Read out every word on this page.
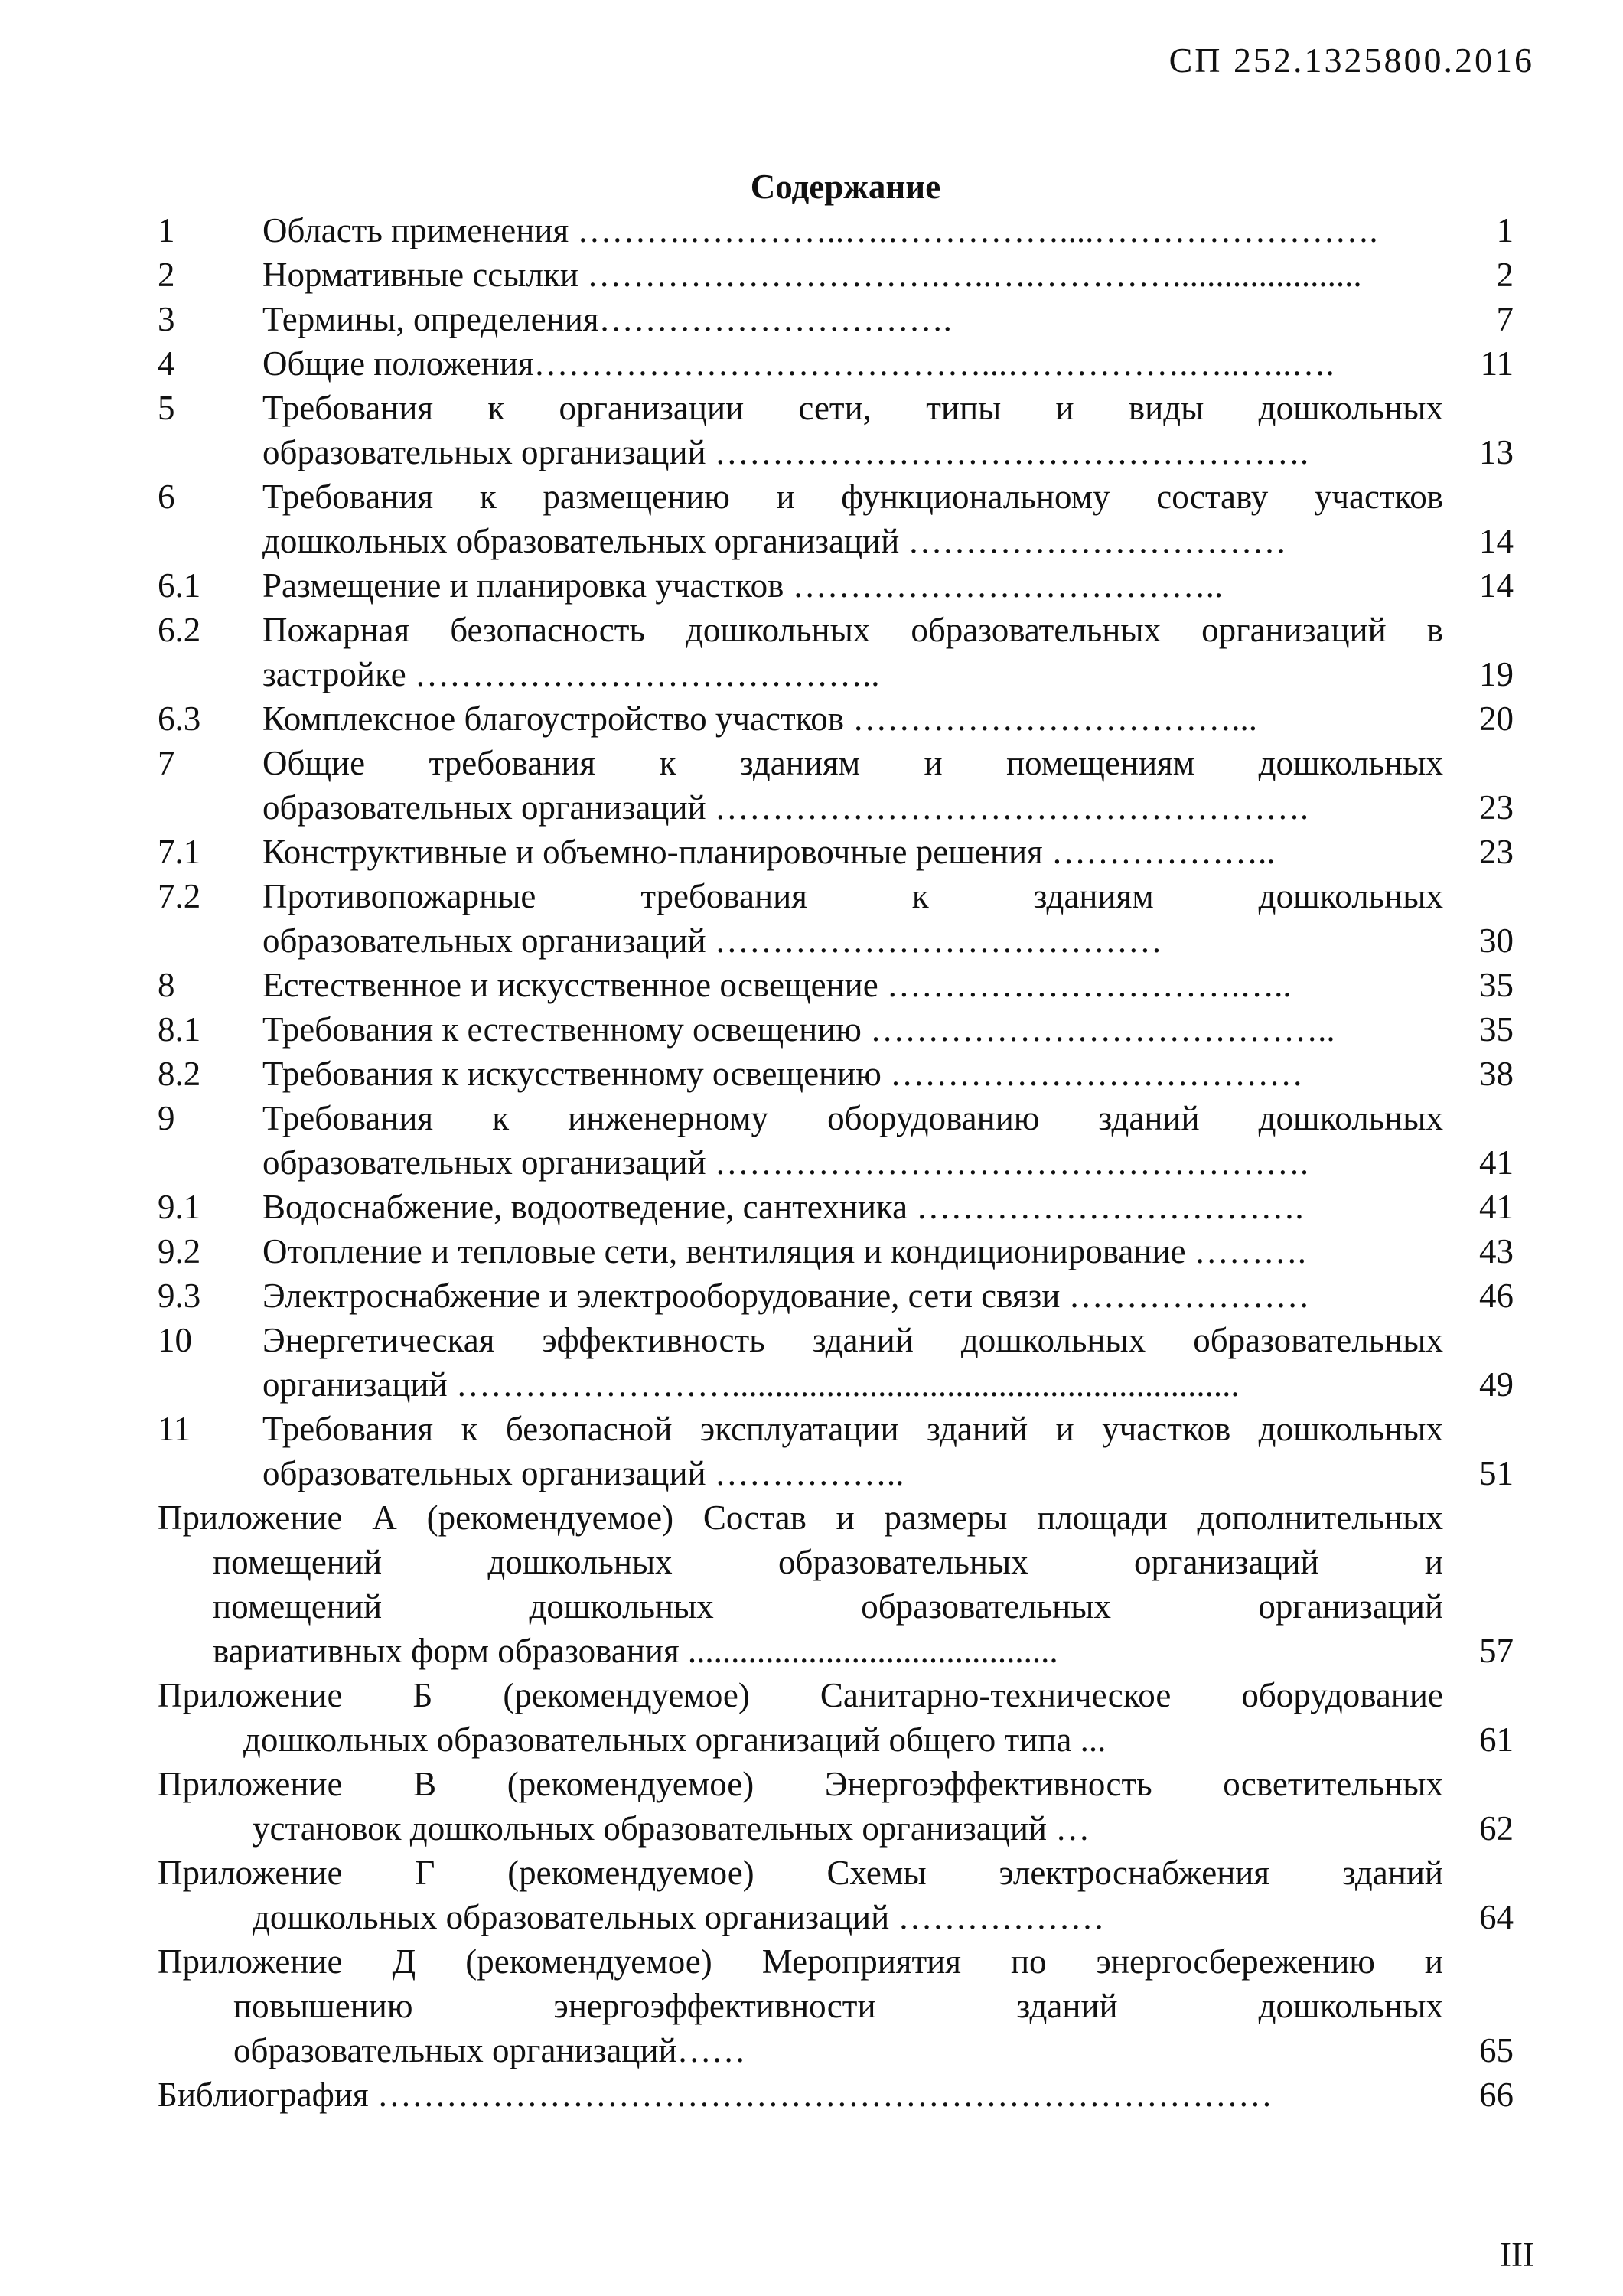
СП 252.1325800.2016
Содержание
1	Область применения ……….…………..….……………....…………………….	1
2	Нормативные ссылки ………………………….…..….…………......................	2
3	Термины, определения………………………….	7
4	Общие положения…………………………………...…………….…..…..….	11
5	Требования к организации сети, типы и виды дошкольных
образовательных организаций …………………………………………….	13
6	Требования к размещению и функциональному составу участков
дошкольных образовательных организаций ……………………………	14
6.1 Размещение и планировка участков ………………………………..	14
6.2 Пожарная безопасность дошкольных образовательных организаций в
застройке …………………………………..	19
6.3 Комплексное благоустройство участков ……………………………...	20
7	Общие требования к зданиям и помещениям дошкольных
образовательных организаций …………………………………………….	23
7.1 Конструктивные и объемно-планировочные решения ………………..	23
7.2 Противопожарные требования к зданиям дошкольных
образовательных организаций …………………………………	30
8	Естественное и искусственное освещение ………………………….…..	35
8.1 Требования к естественному освещению …………………………………..	35
8.2 Требования к искусственному освещению ………………………………	38
9	Требования к инженерному оборудованию зданий дошкольных
образовательных организаций …………………………………………….	41
9.1 Водоснабжение, водоотведение, сантехника …………………………….	41
9.2 Отопление и тепловые сети, вентиляция и кондиционирование ……….	43
9.3 Электроснабжение и электрооборудование, сети связи …………………	46
10 Энергетическая эффективность зданий дошкольных образовательных
организаций ……………………...........................................................	49
11 Требования к безопасной эксплуатации зданий и участков дошкольных
образовательных организаций ……………..	51
Приложение А (рекомендуемое) Состав и размеры площади дополнительных
помещений дошкольных образовательных организаций и
помещений дошкольных образовательных организаций
вариативных форм образования ...........................................	57
Приложение Б (рекомендуемое) Санитарно-техническое оборудование
дошкольных образовательных организаций общего типа ...	61
Приложение В (рекомендуемое) Энергоэффективность осветительных
установок дошкольных образовательных организаций …	62
Приложение Г (рекомендуемое) Схемы электроснабжения зданий
дошкольных образовательных организаций ………………	64
Приложение Д (рекомендуемое) Мероприятия по энергосбережению и
повышению энергоэффективности зданий дошкольных
образовательных организаций……	65
Библиография ……………………………………………………………………	66
III
